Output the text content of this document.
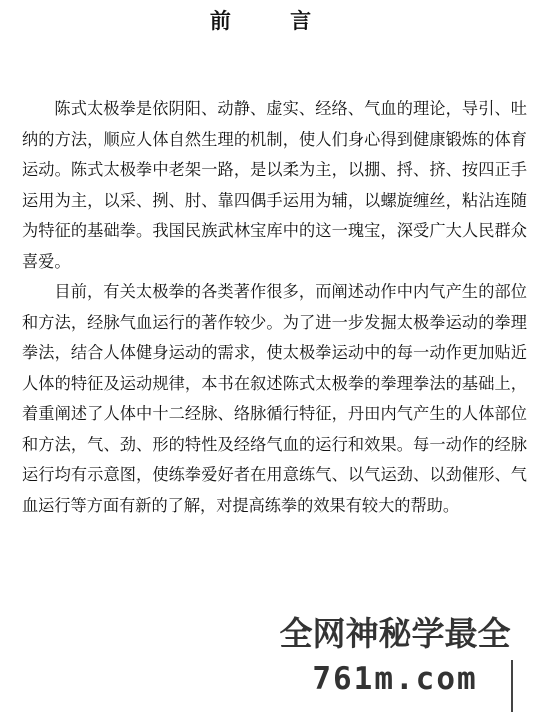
前 言

陈式太极拳是依阴阳、动静、虚实、经络、气血的理论，导引、吐纳的方法，顺应人体自然生理的机制，使人们身心得到健康锻炼的体育运动。陈式太极拳中老架一路，是以柔为主，以掤、捋、挤、按四正手运用为主，以采、挒、肘、靠四偶手运用为辅，以螺旋缠丝，粘沾连随为特征的基础拳。我国民族武林宝库中的这一瑰宝，深受广大人民群众喜爱。

目前，有关太极拳的各类著作很多，而阐述动作中内气产生的部位和方法，经脉气血运行的著作较少。为了进一步发掘太极拳运动的拳理拳法，结合人体健身运动的需求，使太极拳运动中的每一动作更加贴近人体的特征及运动规律，本书在叙述陈式太极拳的拳理拳法的基础上，着重阐述了人体中十二经脉、络脉循行特征，丹田内气产生的人体部位和方法，气、劲、形的特性及经络气血的运行和效果。每一动作的经脉运行均有示意图，使练拳爱好者在用意练气、以气运劲、以劲催形、气血运行等方面有新的了解，对提高练拳的效果有较大的帮助。

全网神秘学最全
761m.com
